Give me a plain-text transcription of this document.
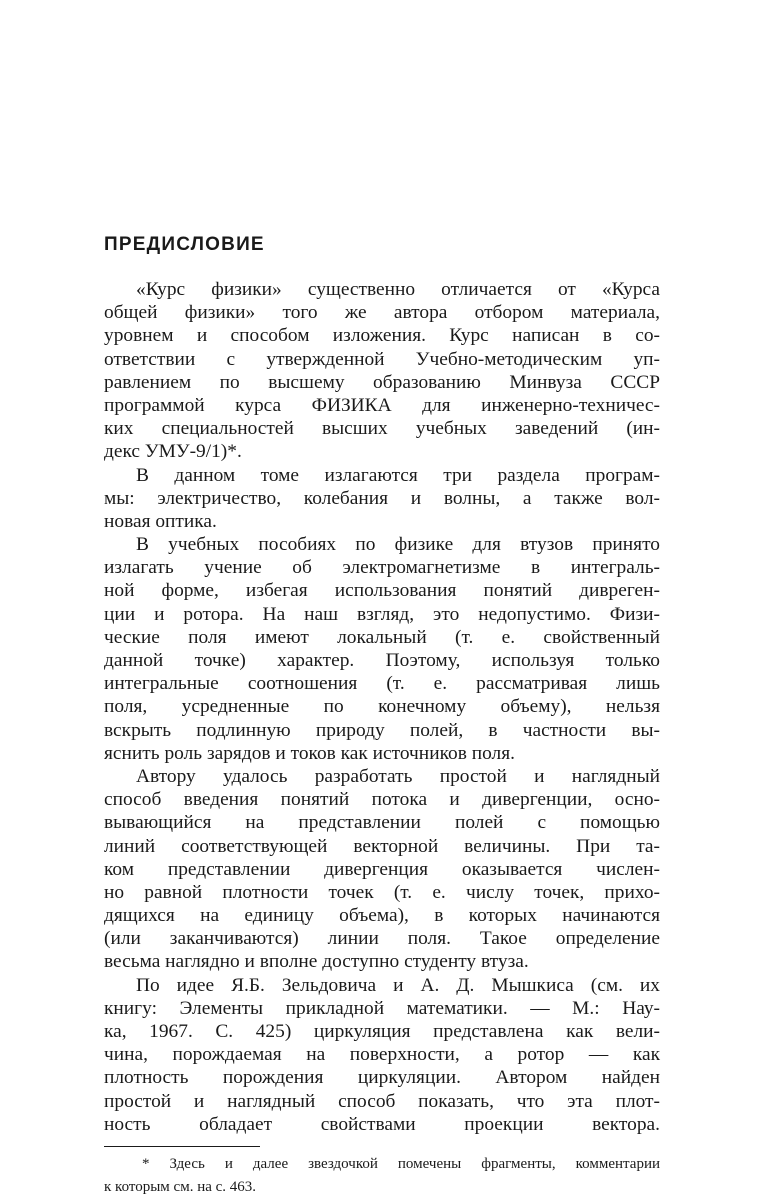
ПРЕДИСЛОВИЕ
«Курс физики» существенно отличается от «Курса
общей физики» того же автора отбором материала,
уровнем и способом изложения. Курс написан в со-
ответствии с утвержденной Учебно-методическим уп-
равлением по высшему образованию Минвуза СССР
программой курса ФИЗИКА для инженерно-техничес-
ких специальностей высших учебных заведений (ин-
декс УМУ-9/1)*.
В данном томе излагаются три раздела програм-
мы: электричество, колебания и волны, а также вол-
новая оптика.
В учебных пособиях по физике для втузов принято
излагать учение об электромагнетизме в интеграль-
ной форме, избегая использования понятий дивреген-
ции и ротора. На наш взгляд, это недопустимо. Физи-
ческие поля имеют локальный (т. е. свойственный
данной точке) характер. Поэтому, используя только
интегральные соотношения (т. е. рассматривая лишь
поля, усредненные по конечному объему), нельзя
вскрыть подлинную природу полей, в частности вы-
яснить роль зарядов и токов как источников поля.
Автору удалось разработать простой и наглядный
способ введения понятий потока и дивергенции, осно-
вывающийся на представлении полей с помощью
линий соответствующей векторной величины. При та-
ком представлении дивергенция оказывается числен-
но равной плотности точек (т. е. числу точек, прихо-
дящихся на единицу объема), в которых начинаются
(или заканчиваются) линии поля. Такое определение
весьма наглядно и вполне доступно студенту втуза.
По идее Я.Б. Зельдовича и А. Д. Мышкиса (см. их
книгу: Элементы прикладной математики. — М.: Нау-
ка, 1967. С. 425) циркуляция представлена как вели-
чина, порождаемая на поверхности, а ротор — как
плотность порождения циркуляции. Автором найден
простой и наглядный способ показать, что эта плот-
ность обладает свойствами проекции вектора.
* Здесь и далее звездочкой помечены фрагменты, комментарии
к которым см. на с. 463.
